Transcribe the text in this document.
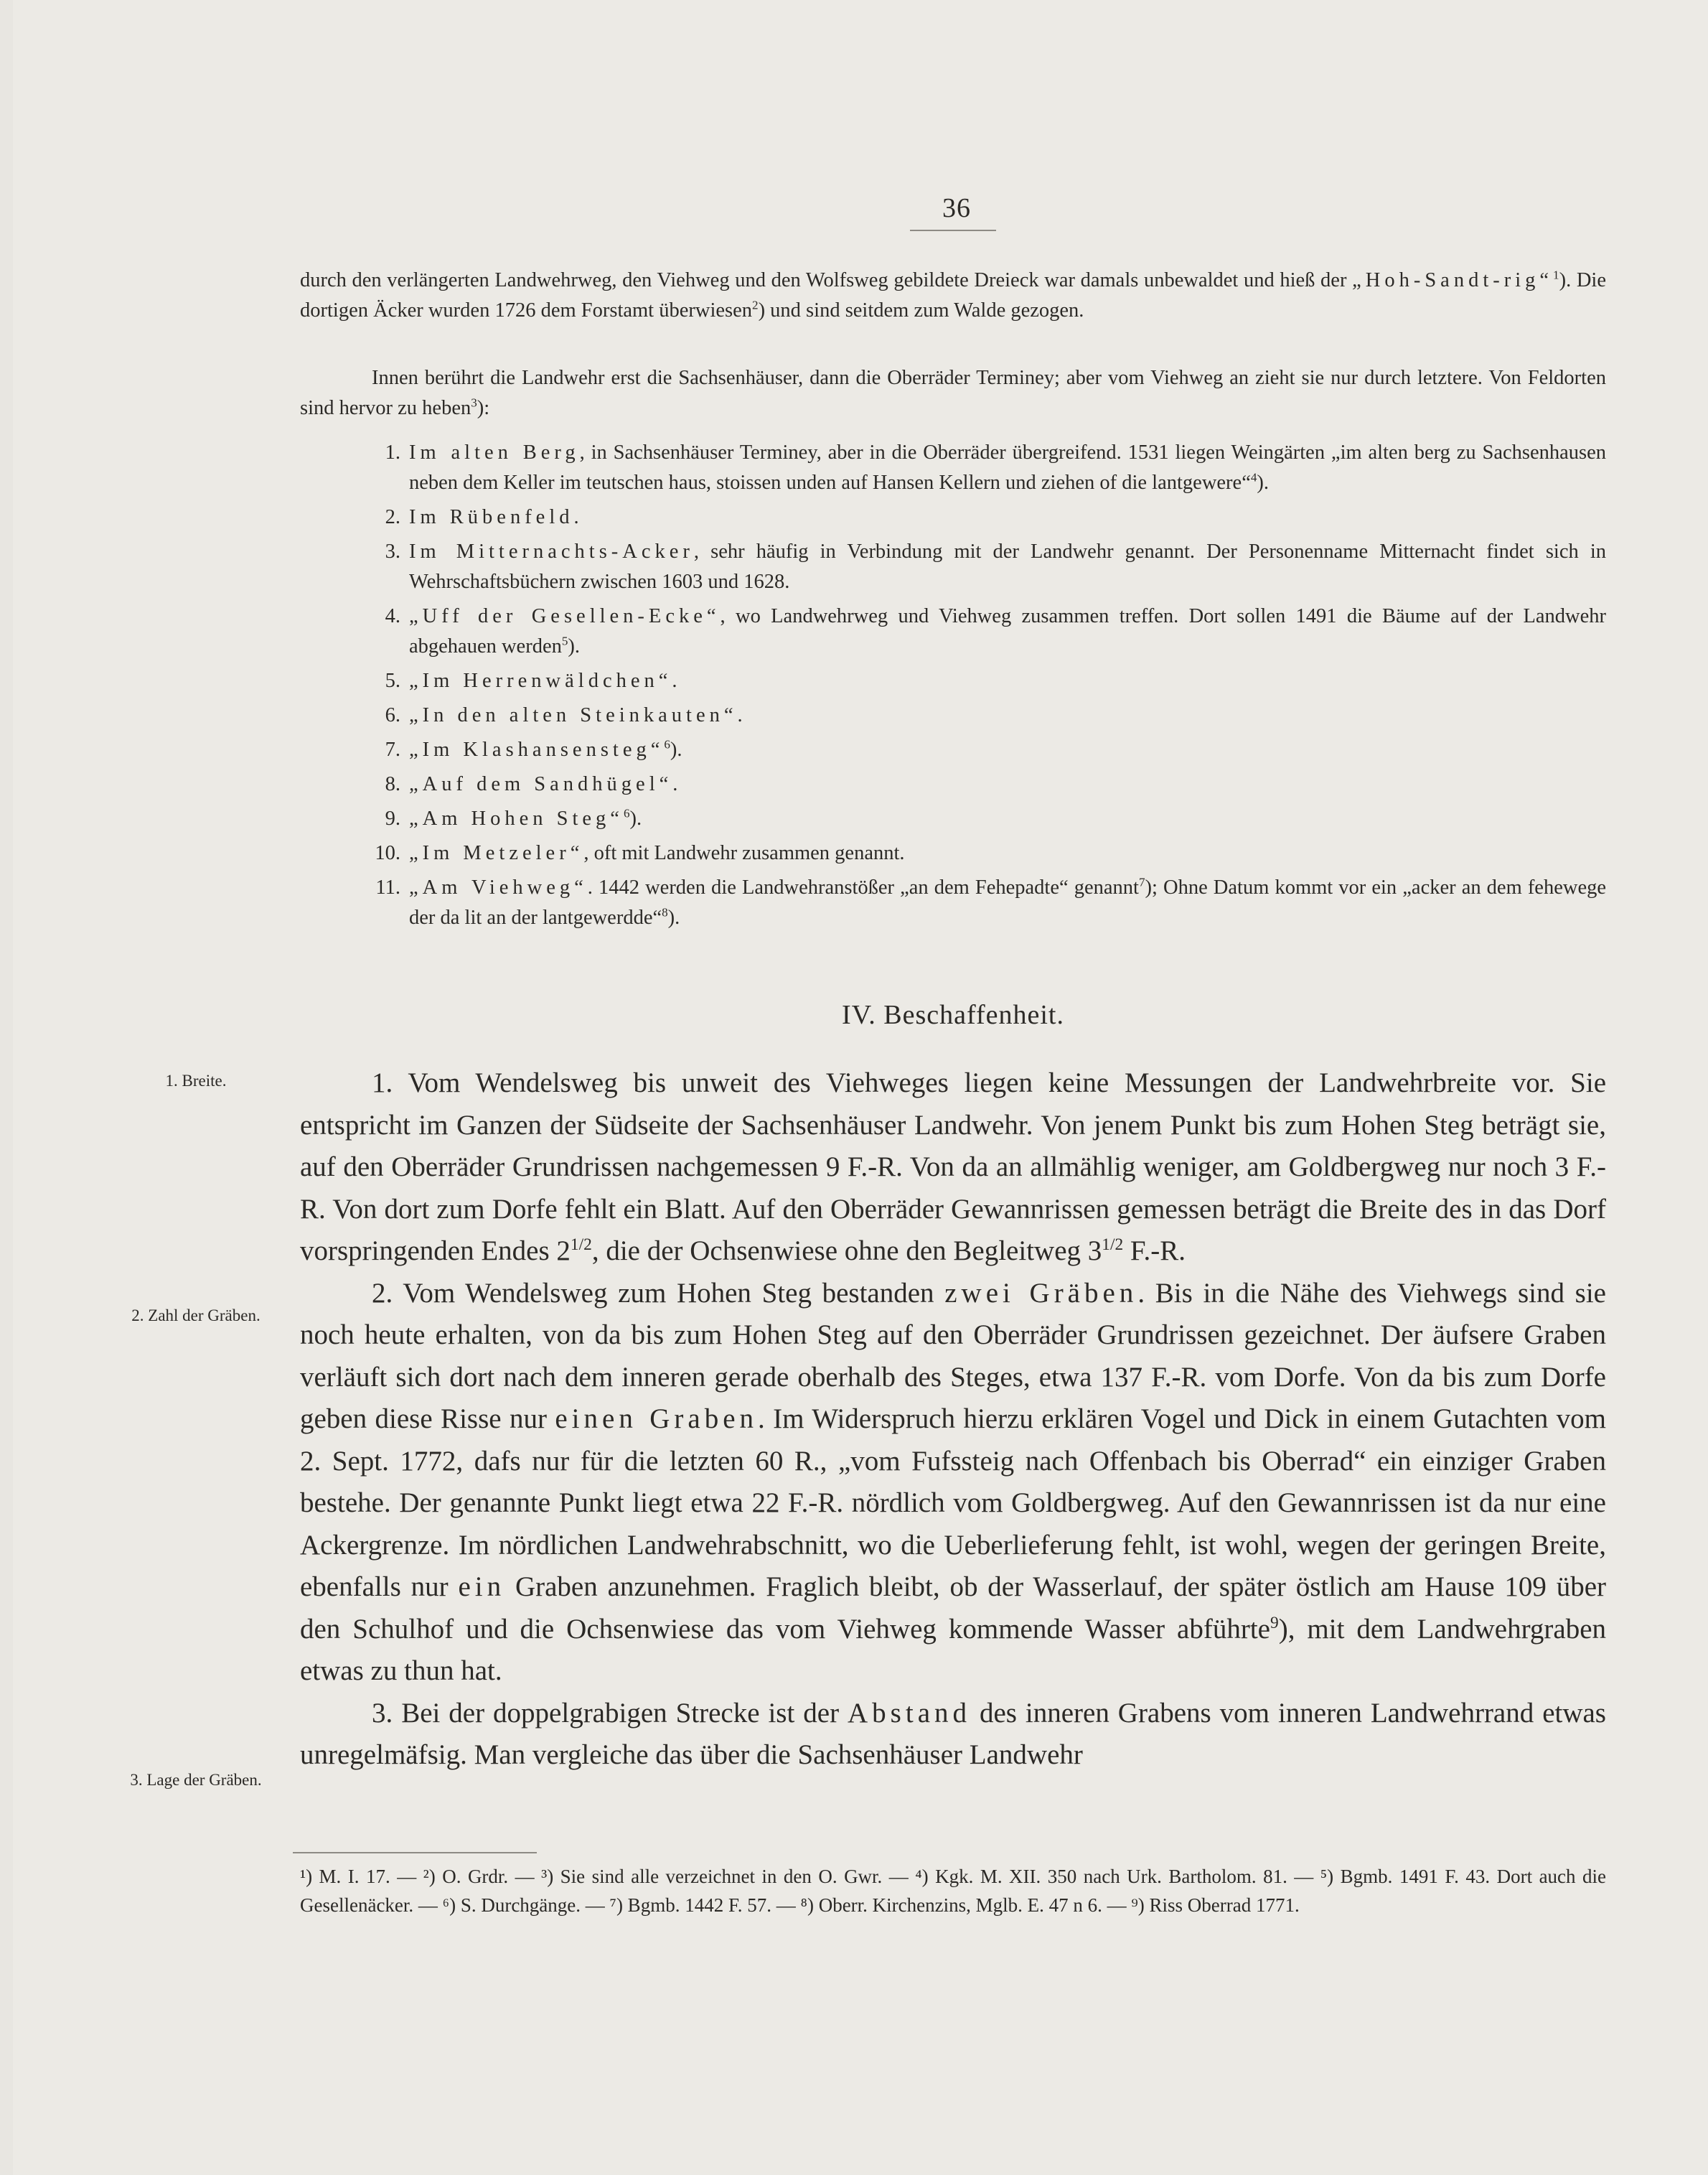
36
durch den verlängerten Landwehrweg, den Viehweg und den Wolfsweg gebildete Dreieck war damals unbewaldet und hieß der „Hoh-Sandt-rig“$^1$). Die dortigen Äcker wurden 1726 dem Forstamt überwiesen$^2$) und sind seitdem zum Walde gezogen.
Innen berührt die Landwehr erst die Sachsenhäuser, dann die Oberräder Terminey; aber vom Viehweg an zieht sie nur durch letztere. Von Feldorten sind hervor zu heben$^3$):
1. Im alten Berg, in Sachsenhäuser Terminey, aber in die Oberräder übergreifend. 1531 liegen Weingärten „im alten berg zu Sachsenhausen neben dem Keller im teutschen haus, stoissen unden auf Hansen Kellern und ziehen of die lantgewere“$^4$).
2. Im Rübenfeld.
3. Im Mitternachts-Acker, sehr häufig in Verbindung mit der Landwehr genannt. Der Personenname Mitternacht findet sich in Wehrschaftsbüchern zwischen 1603 und 1628.
4. „Uff der Gesellen-Ecke“, wo Landwehrweg und Viehweg zusammen treffen. Dort sollen 1491 die Bäume auf der Landwehr abgehauen werden$^5$).
5. „Im Herrenwäldchen“.
6. „In den alten Steinkauten“.
7. „Im Klashansensteg“$^6$).
8. „Auf dem Sandhügel“.
9. „Am Hohen Steg“$^6$).
10. „Im Metzeler“, oft mit Landwehr zusammen genannt.
11. „Am Viehweg“. 1442 werden die Landwehranstößer „an dem Fehepadte“ genannt$^7$); Ohne Datum kommt vor ein „acker an dem fehewege der da lit an der lantgewerdde“$^8$).
IV. Beschaffenheit.
1. Breite.
2. Zahl der Gräben.
3. Lage der Gräben.

1. Vom Wendelsweg bis unweit des Viehweges liegen keine Messungen der Landwehrbreite vor. Sie entspricht im Ganzen der Südseite der Sachsenhäuser Landwehr. Von jenem Punkt bis zum Hohen Steg beträgt sie, auf den Oberräder Grundrissen nachgemessen 9 F.-R. Von da an allmählig weniger, am Goldbergweg nur noch 3 F.-R. Von dort zum Dorfe fehlt ein Blatt. Auf den Oberräder Gewannrissen gemessen beträgt die Breite des in das Dorf vorspringenden Endes $2^{1/2}$, die der Ochsenwiese ohne den Begleitweg $3^{1/2}$ F.-R.

2. Vom Wendelsweg zum Hohen Steg bestanden zwei Gräben. Bis in die Nähe des Viehwegs sind sie noch heute erhalten, von da bis zum Hohen Steg auf den Oberräder Grundrissen gezeichnet. Der äufsere Graben verläuft sich dort nach dem inneren gerade oberhalb des Steges, etwa 137 F.-R. vom Dorfe. Von da bis zum Dorfe geben diese Risse nur einen Graben. Im Widerspruch hierzu erklären Vogel und Dick in einem Gutachten vom 2. Sept. 1772, dafs nur für die letzten 60 R., „vom Fufssteig nach Offenbach bis Oberrad“ ein einziger Graben bestehe. Der genannte Punkt liegt etwa 22 F.-R. nördlich vom Goldbergweg. Auf den Gewannrissen ist da nur eine Ackergrenze. Im nördlichen Landwehrabschnitt, wo die Ueberlieferung fehlt, ist wohl, wegen der geringen Breite, ebenfalls nur ein Graben anzunehmen. Fraglich bleibt, ob der Wasserlauf, der später östlich am Hause 109 über den Schulhof und die Ochsenwiese das vom Viehweg kommende Wasser abführte$^9$), mit dem Landwehrgraben etwas zu thun hat.

3. Bei der doppelgrabigen Strecke ist der Abstand des inneren Grabens vom inneren Landwehrrand etwas unregelmäfsig. Man vergleiche das über die Sachsenhäuser Landwehr

¹) M. I. 17. — ²) O. Grdr. — ³) Sie sind alle verzeichnet in den O. Gwr. — ⁴) Kgk. M. XII. 350 nach Urk. Bartholom. 81. — ⁵) Bgmb. 1491 F. 43. Dort auch die Gesellenäcker. — ⁶) S. Durchgänge. — ⁷) Bgmb. 1442 F. 57. — ⁸) Oberr. Kirchenzins, Mglb. E. 47 n 6. — ⁹) Riss Oberrad 1771.
